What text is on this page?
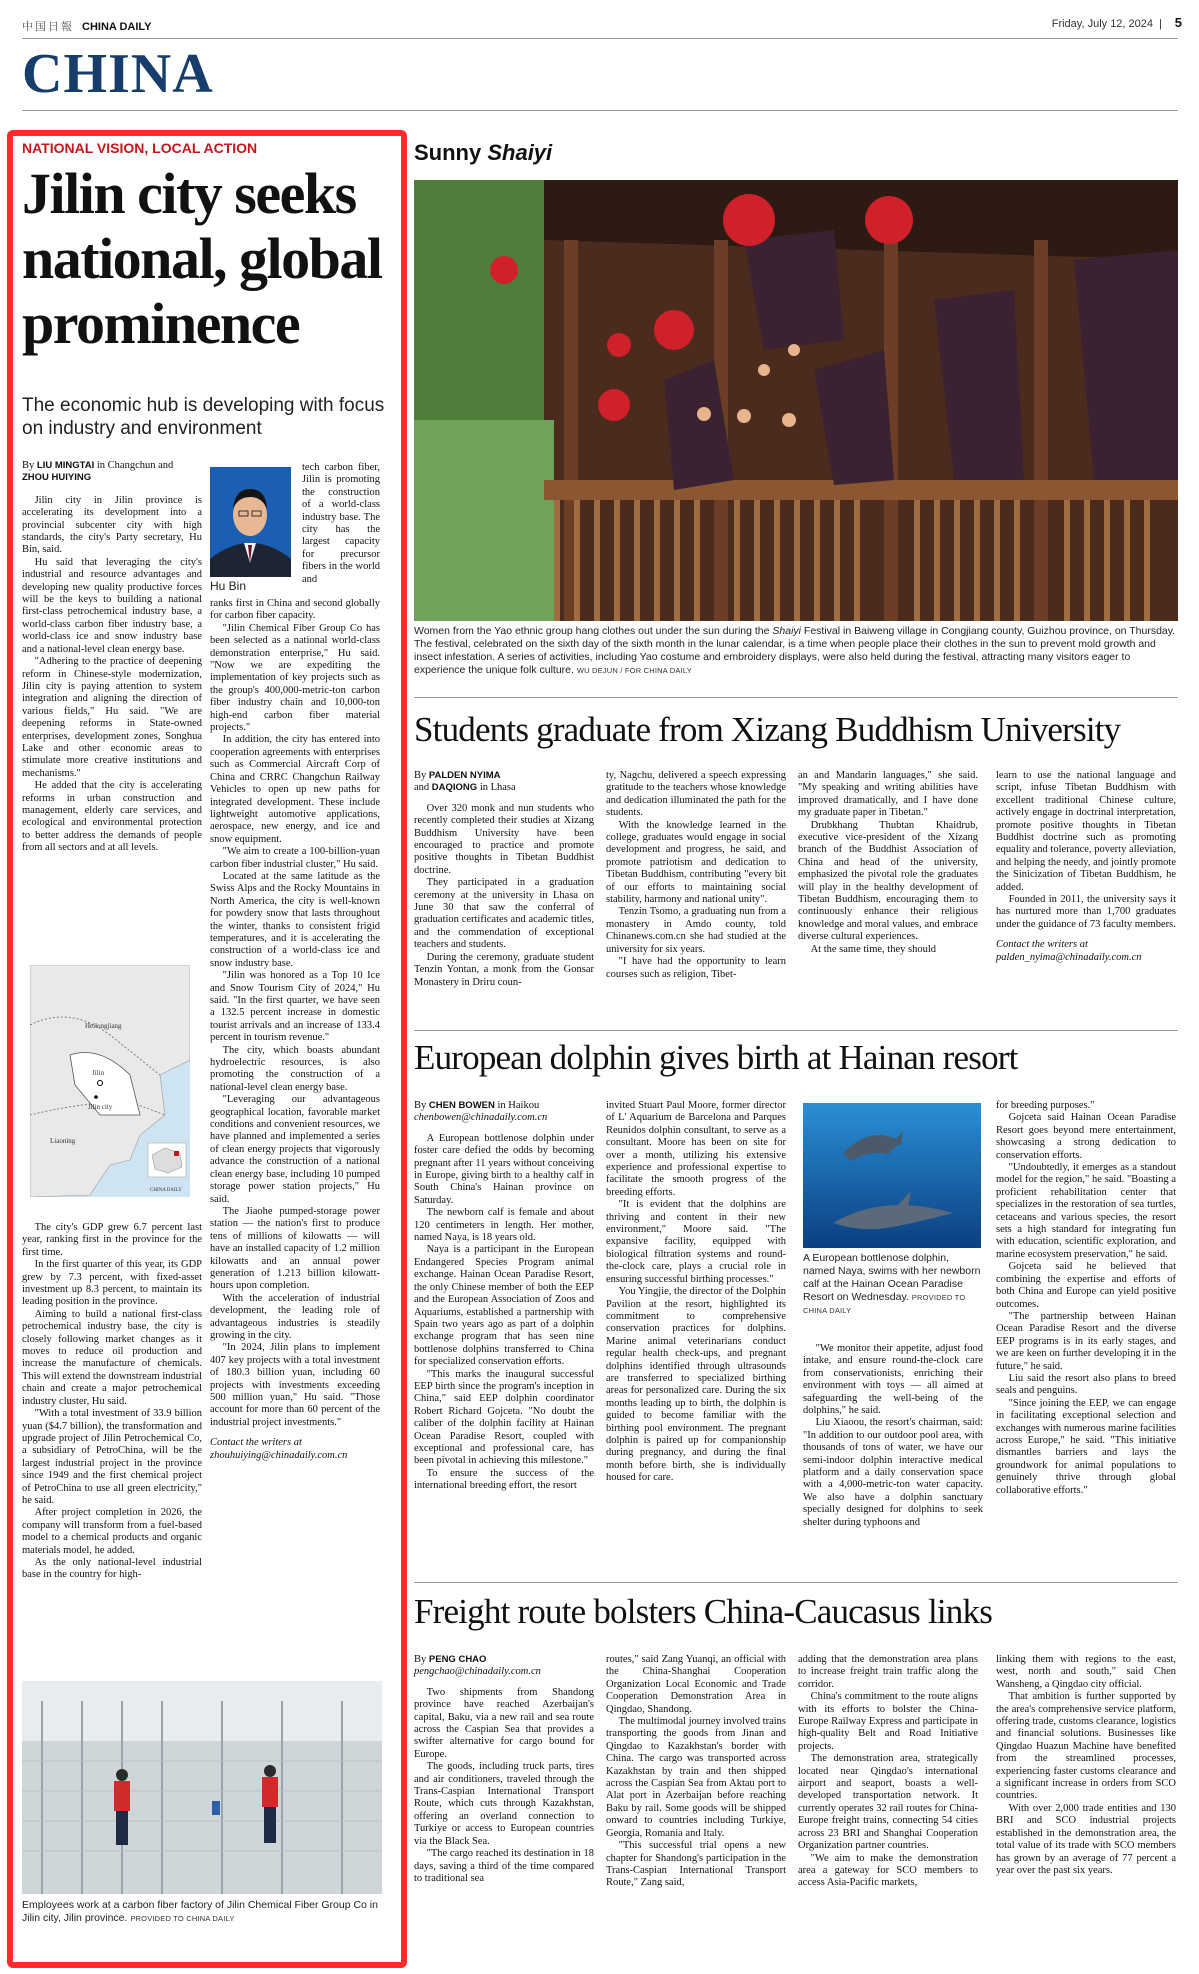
中国日報 CHINA DAILY	Friday, July 12, 2024 | 5
CHINA
NATIONAL VISION, LOCAL ACTION
Jilin city seeks national, global prominence
The economic hub is developing with focus on industry and environment

By LIU MINGTAI in Changchun and ZHOU HUIYING

Jilin city in Jilin province is accelerating its development into a provincial subcenter city with high standards, the city's Party secretary, Hu Bin, said.

Hu said that leveraging the city's industrial and resource advantages and developing new quality productive forces will be the keys to building a national first-class petrochemical industry base, a world-class carbon fiber industry base, a world-class ice and snow industry base and a national-level clean energy base.

"Adhering to the practice of deepening reform in Chinese-style modernization, Jilin city is paying attention to system integration and aligning the direction of various fields," Hu said. "We are deepening reforms in State-owned enterprises, development zones, Songhua Lake and other economic areas to stimulate more creative institutions and mechanisms."

He added that the city is accelerating reforms in urban construction and management, elderly care services, and ecological and environmental protection to better address the demands of people from all sectors and at all levels.

Heilongjiang
Jilin
Jilin city
Liaoning
CHINA DAILY

The city's GDP grew 6.7 percent last year, ranking first in the province for the first time.

In the first quarter of this year, its GDP grew by 7.3 percent, with fixed-asset investment up 8.3 percent, to maintain its leading position in the province.

Aiming to build a national first-class petrochemical industry base, the city is closely following market changes as it moves to reduce oil production and increase the manufacture of chemicals. This will extend the downstream industrial chain and create a major petrochemical industry cluster, Hu said.

"With a total investment of 33.9 billion yuan ($4.7 billion), the transformation and upgrade project of Jilin Petrochemical Co, a subsidiary of PetroChina, will be the largest industrial project in the province since 1949 and the first chemical project of PetroChina to use all green electricity," he said.

After project completion in 2026, the company will transform from a fuel-based model to a chemical products and organic materials model, he added.

As the only national-level industrial base in the country for high-

Hu Bin

tech carbon fiber, Jilin is promoting the construction of a world-class industry base. The city has the largest capacity for precursor fibers in the world and

ranks first in China and second globally for carbon fiber capacity.

"Jilin Chemical Fiber Group Co has been selected as a national world-class demonstration enterprise," Hu said. "Now we are expediting the implementation of key projects such as the group's 400,000-metric-ton carbon fiber industry chain and 10,000-ton high-end carbon fiber material projects."

In addition, the city has entered into cooperation agreements with enterprises such as Commercial Aircraft Corp of China and CRRC Changchun Railway Vehicles to open up new paths for integrated development. These include lightweight automotive applications, aerospace, new energy, and ice and snow equipment.

"We aim to create a 100-billion-yuan carbon fiber industrial cluster," Hu said.

Located at the same latitude as the Swiss Alps and the Rocky Mountains in North America, the city is well-known for powdery snow that lasts throughout the winter, thanks to consistent frigid temperatures, and it is accelerating the construction of a world-class ice and snow industry base.

"Jilin was honored as a Top 10 Ice and Snow Tourism City of 2024," Hu said. "In the first quarter, we have seen a 132.5 percent increase in domestic tourist arrivals and an increase of 133.4 percent in tourism revenue."

The city, which boasts abundant hydroelectric resources, is also promoting the construction of a national-level clean energy base.

"Leveraging our advantageous geographical location, favorable market conditions and convenient resources, we have planned and implemented a series of clean energy projects that vigorously advance the construction of a national clean energy base, including 10 pumped storage power station projects," Hu said.

The Jiaohe pumped-storage power station — the nation's first to produce tens of millions of kilowatts — will have an installed capacity of 1.2 million kilowatts and an annual power generation of 1.213 billion kilowatt-hours upon completion.

With the acceleration of industrial development, the leading role of advantageous industries is steadily growing in the city.

"In 2024, Jilin plans to implement 407 key projects with a total investment of 180.3 billion yuan, including 60 projects with investments exceeding 500 million yuan," Hu said. "Those account for more than 60 percent of the industrial project investments."

Contact the writers at
zhouhuiying@chinadaily.com.cn

Employees work at a carbon fiber factory of Jilin Chemical Fiber Group Co in Jilin city, Jilin province. PROVIDED TO CHINA DAILY
Sunny Shaiyi
Women from the Yao ethnic group hang clothes out under the sun during the Shaiyi Festival in Baiweng village in Congjiang county, Guizhou province, on Thursday. The festival, celebrated on the sixth day of the sixth month in the lunar calendar, is a time when people place their clothes in the sun to prevent mold growth and insect infestation. A series of activities, including Yao costume and embroidery displays, were also held during the festival, attracting many visitors eager to experience the unique folk culture. WU DEJUN / FOR CHINA DAILY
Students graduate from Xizang Buddhism University

By PALDEN NYIMA
and DAQIONG in Lhasa

Over 320 monk and nun students who recently completed their studies at Xizang Buddhism University have been encouraged to practice and promote positive thoughts in Tibetan Buddhist doctrine.

They participated in a graduation ceremony at the university in Lhasa on June 30 that saw the conferral of graduation certificates and academic titles, and the commendation of exceptional teachers and students.

During the ceremony, graduate student Tenzin Yontan, a monk from the Gonsar Monastery in Driru coun-

ty, Nagchu, delivered a speech expressing gratitude to the teachers whose knowledge and dedication illuminated the path for the students.

With the knowledge learned in the college, graduates would engage in social development and progress, he said, and promote patriotism and dedication to Tibetan Buddhism, contributing "every bit of our efforts to maintaining social stability, harmony and national unity".

Tenzin Tsomo, a graduating nun from a monastery in Amdo county, told Chinanews.com.cn she had studied at the university for six years.

"I have had the opportunity to learn courses such as religion, Tibet-

an and Mandarin languages," she said. "My speaking and writing abilities have improved dramatically, and I have done my graduate paper in Tibetan."

Drubkhang Thubtan Khaidrub, executive vice-president of the Xizang branch of the Buddhist Association of China and head of the university, emphasized the pivotal role the graduates will play in the healthy development of Tibetan Buddhism, encouraging them to continuously enhance their religious knowledge and moral values, and embrace diverse cultural experiences.

At the same time, they should

learn to use the national language and script, infuse Tibetan Buddhism with excellent traditional Chinese culture, actively engage in doctrinal interpretation, promote positive thoughts in Tibetan Buddhist doctrine such as promoting equality and tolerance, poverty alleviation, and helping the needy, and jointly promote the Sinicization of Tibetan Buddhism, he added.

Founded in 2011, the university says it has nurtured more than 1,700 graduates under the guidance of 73 faculty members.

Contact the writers at
palden_nyima@chinadaily.com.cn

European dolphin gives birth at Hainan resort

By CHEN BOWEN in Haikou
chenbowen@chinadaily.com.cn

A European bottlenose dolphin under foster care defied the odds by becoming pregnant after 11 years without conceiving in Europe, giving birth to a healthy calf in South China's Hainan province on Saturday.

The newborn calf is female and about 120 centimeters in length. Her mother, named Naya, is 18 years old.

Naya is a participant in the European Endangered Species Program animal exchange. Hainan Ocean Paradise Resort, the only Chinese member of both the EEP and the European Association of Zoos and Aquariums, established a partnership with Spain two years ago as part of a dolphin exchange program that has seen nine bottlenose dolphins transferred to China for specialized conservation efforts.

"This marks the inaugural successful EEP birth since the program's inception in China," said EEP dolphin coordinator Robert Richard Gojceta. "No doubt the caliber of the dolphin facility at Hainan Ocean Paradise Resort, coupled with exceptional and professional care, has been pivotal in achieving this milestone."

To ensure the success of the international breeding effort, the resort

invited Stuart Paul Moore, former director of L' Aquarium de Barcelona and Parques Reunidos dolphin consultant, to serve as a consultant. Moore has been on site for over a month, utilizing his extensive experience and professional expertise to facilitate the smooth progress of the breeding efforts.

"It is evident that the dolphins are thriving and content in their new environment," Moore said. "The expansive facility, equipped with biological filtration systems and round-the-clock care, plays a crucial role in ensuring successful birthing processes."

You Yingjie, the director of the Dolphin Pavilion at the resort, highlighted its commitment to comprehensive conservation practices for dolphins. Marine animal veterinarians conduct regular health check-ups, and pregnant dolphins identified through ultrasounds are transferred to specialized birthing areas for personalized care. During the six months leading up to birth, the dolphin is guided to become familiar with the birthing pool environment. The pregnant dolphin is paired up for companionship during pregnancy, and during the final month before birth, she is individually housed for care.

A European bottlenose dolphin, named Naya, swims with her newborn calf at the Hainan Ocean Paradise Resort on Wednesday. PROVIDED TO CHINA DAILY

"We monitor their appetite, adjust food intake, and ensure round-the-clock care from conservationists, enriching their environment with toys — all aimed at safeguarding the well-being of the dolphins," he said.

Liu Xiaoou, the resort's chairman, said: "In addition to our outdoor pool area, with thousands of tons of water, we have our semi-indoor dolphin interactive medical platform and a daily conservation space with a 4,000-metric-ton water capacity. We also have a dolphin sanctuary specially designed for dolphins to seek shelter during typhoons and

for breeding purposes."

Gojceta said Hainan Ocean Paradise Resort goes beyond mere entertainment, showcasing a strong dedication to conservation efforts.

"Undoubtedly, it emerges as a standout model for the region," he said. "Boasting a proficient rehabilitation center that specializes in the restoration of sea turtles, cetaceans and various species, the resort sets a high standard for integrating fun with education, scientific exploration, and marine ecosystem preservation," he said.

Gojceta said he believed that combining the expertise and efforts of both China and Europe can yield positive outcomes.

"The partnership between Hainan Ocean Paradise Resort and the diverse EEP programs is in its early stages, and we are keen on further developing it in the future," he said.

Liu said the resort also plans to breed seals and penguins.

"Since joining the EEP, we can engage in facilitating exceptional selection and exchanges with numerous marine facilities across Europe," he said. "This initiative dismantles barriers and lays the groundwork for animal populations to genuinely thrive through global collaborative efforts."

Freight route bolsters China-Caucasus links

By PENG CHAO
pengchao@chinadaily.com.cn

Two shipments from Shandong province have reached Azerbaijan's capital, Baku, via a new rail and sea route across the Caspian Sea that provides a swifter alternative for cargo bound for Europe.

The goods, including truck parts, tires and air conditioners, traveled through the Trans-Caspian International Transport Route, which cuts through Kazakhstan, offering an overland connection to Turkiye or access to European countries via the Black Sea.

"The cargo reached its destination in 18 days, saving a third of the time compared to traditional sea

routes," said Zang Yuanqi, an official with the China-Shanghai Cooperation Organization Local Economic and Trade Cooperation Demonstration Area in Qingdao, Shandong.

The multimodal journey involved trains transporting the goods from Jinan and Qingdao to Kazakhstan's border with China. The cargo was transported across Kazakhstan by train and then shipped across the Caspian Sea from Aktau port to Alat port in Azerbaijan before reaching Baku by rail. Some goods will be shipped onward to countries including Turkiye, Georgia, Romania and Italy.

"This successful trial opens a new chapter for Shandong's participation in the Trans-Caspian International Transport Route," Zang said,

adding that the demonstration area plans to increase freight train traffic along the corridor.

China's commitment to the route aligns with its efforts to bolster the China-Europe Railway Express and participate in high-quality Belt and Road Initiative projects.

The demonstration area, strategically located near Qingdao's international airport and seaport, boasts a well-developed transportation network. It currently operates 32 rail routes for China-Europe freight trains, connecting 54 cities across 23 BRI and Shanghai Cooperation Organization partner countries.

"We aim to make the demonstration area a gateway for SCO members to access Asia-Pacific markets,

linking them with regions to the east, west, north and south," said Chen Wansheng, a Qingdao city official.

That ambition is further supported by the area's comprehensive service platform, offering trade, customs clearance, logistics and financial solutions. Businesses like Qingdao Huazun Machine have benefited from the streamlined processes, experiencing faster customs clearance and a significant increase in orders from SCO countries.

With over 2,000 trade entities and 130 BRI and SCO industrial projects established in the demonstration area, the total value of its trade with SCO members has grown by an average of 77 percent a year over the past six years.
